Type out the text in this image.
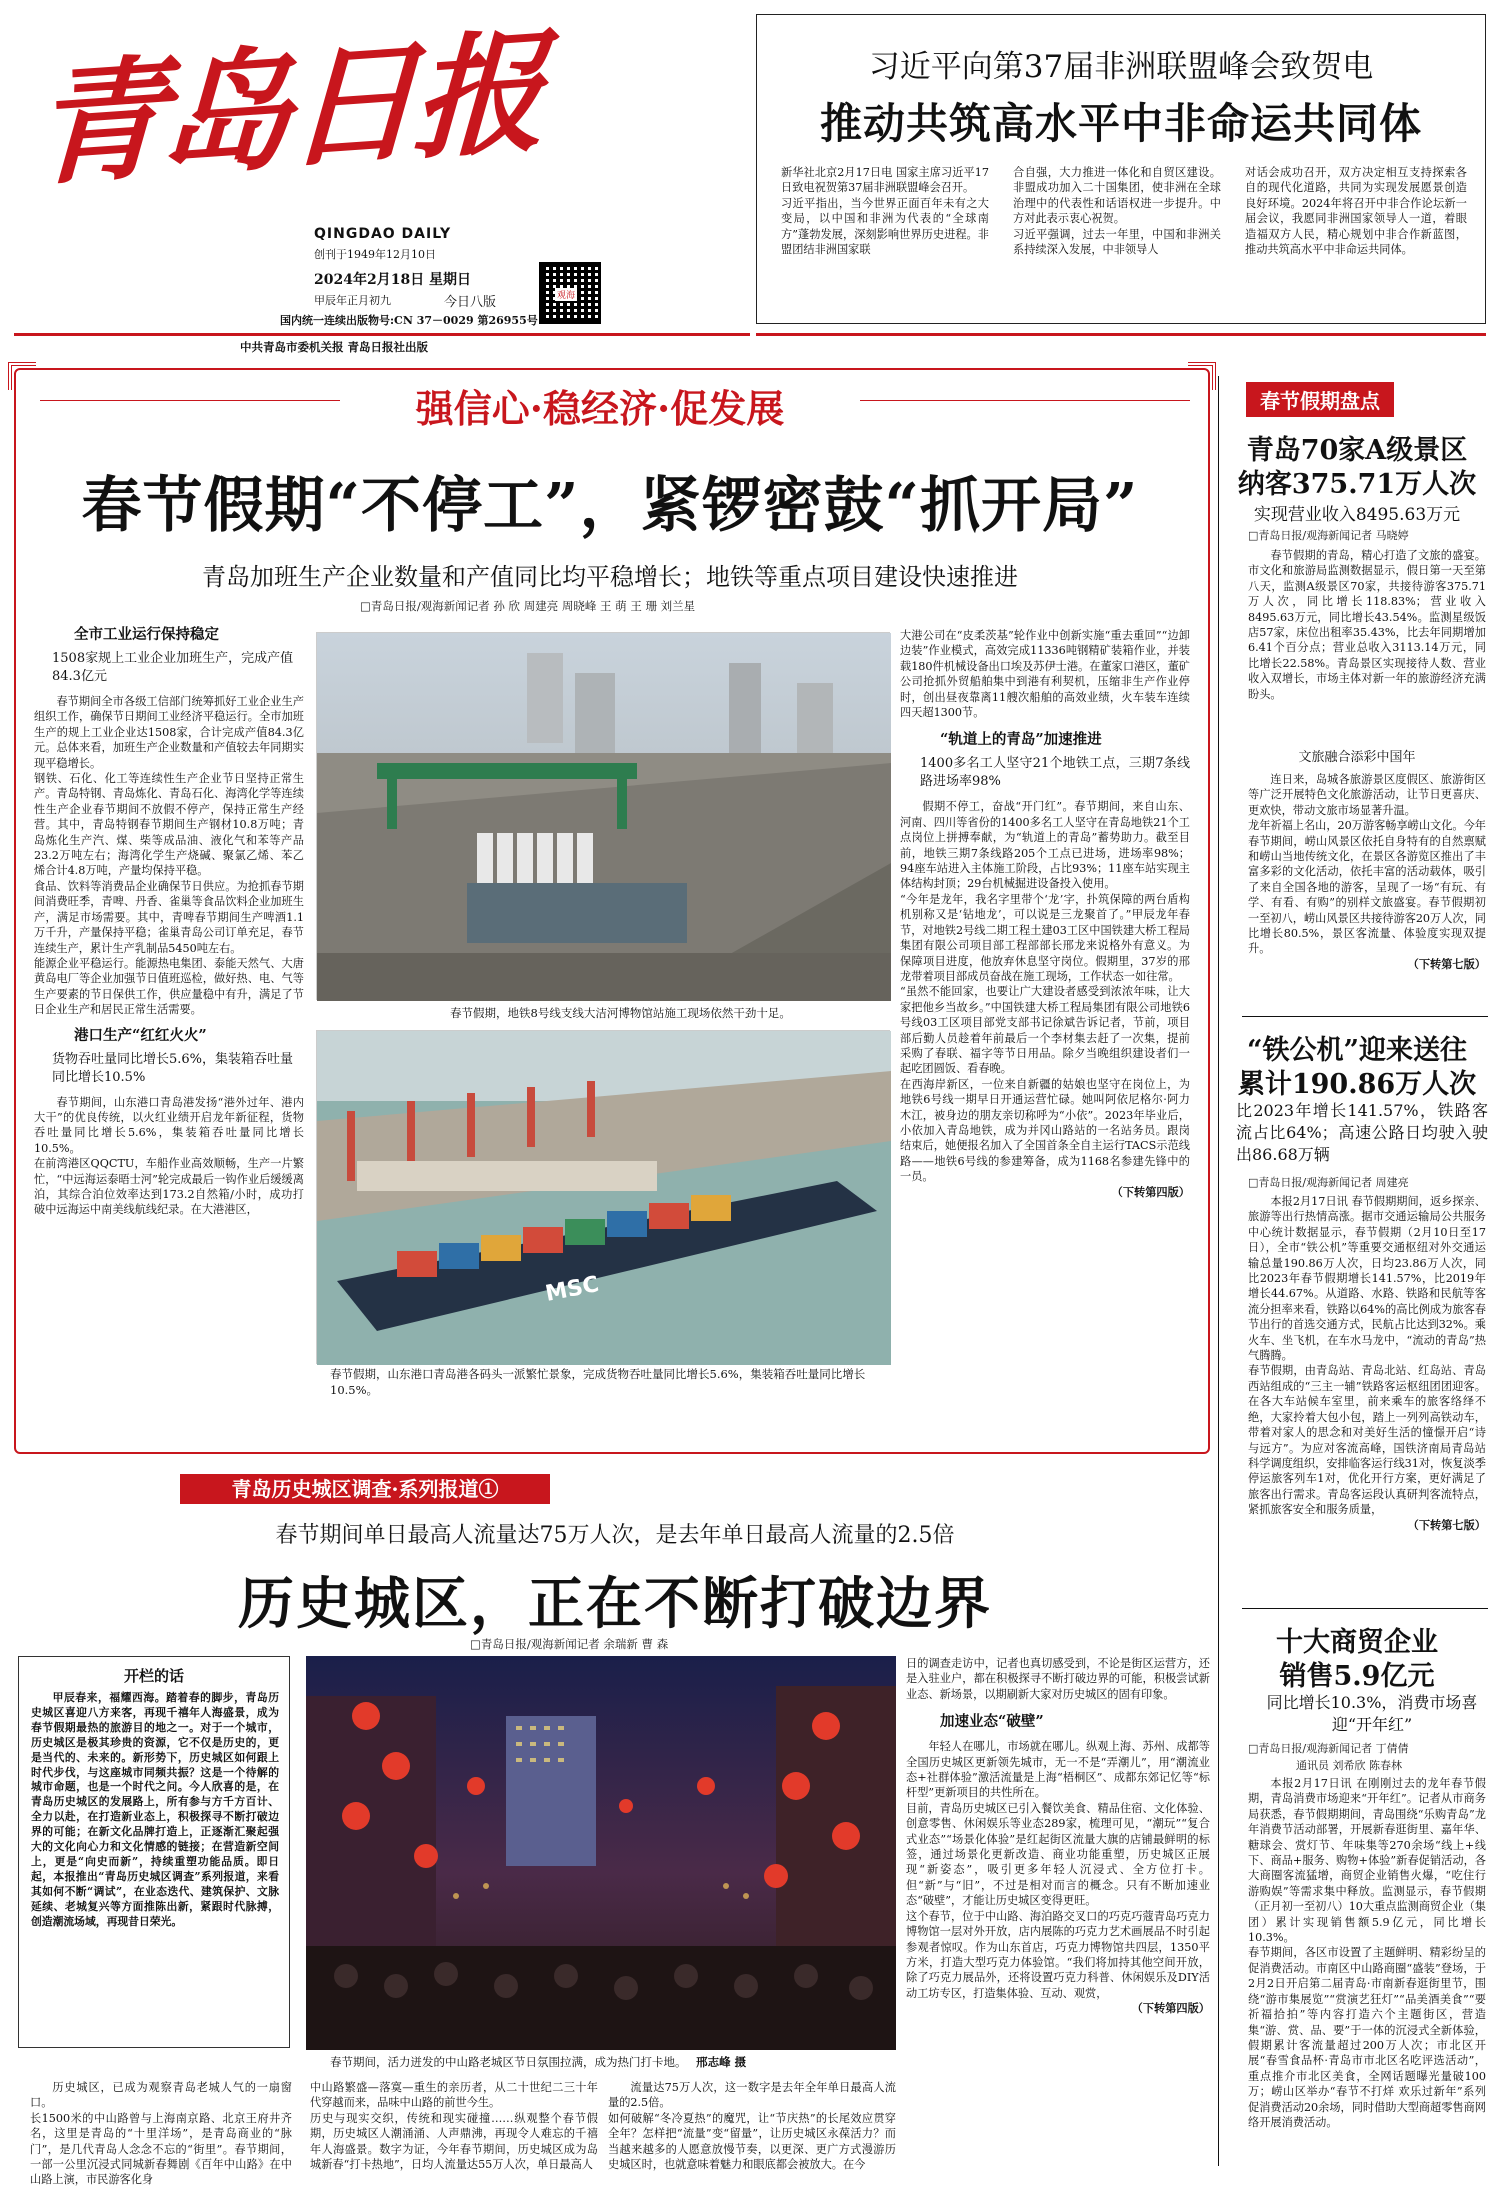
青岛日报
QINGDAO DAILY
创刊于1949年12月10日
2024年2月18日 星期日
甲辰年正月初九	今日八版
国内统一连续出版物号:CN 37－0029 第26955号
观海
中共青岛市委机关报 青岛日报社出版
习近平向第37届非洲联盟峰会致贺电
推动共筑高水平中非命运共同体

新华社北京2月17日电 国家主席习近平17日致电祝贺第37届非洲联盟峰会召开。
习近平指出，当今世界正面百年未有之大变局，以中国和非洲为代表的“全球南方”蓬勃发展，深刻影响世界历史进程。非盟团结非洲国家联

合自强，大力推进一体化和自贸区建设。非盟成功加入二十国集团，使非洲在全球治理中的代表性和话语权进一步提升。中方对此表示衷心祝贺。
习近平强调，过去一年里，中国和非洲关系持续深入发展，中非领导人

对话会成功召开，双方决定相互支持探索各自的现代化道路，共同为实现发展愿景创造良好环境。2024年将召开中非合作论坛新一届会议，我愿同非洲国家领导人一道，着眼造福双方人民，精心规划中非合作新蓝图，推动共筑高水平中非命运共同体。

强信心·稳经济·促发展
春节假期“不停工”，紧锣密鼓“抓开局”
青岛加班生产企业数量和产值同比均平稳增长；地铁等重点项目建设快速推进
□青岛日报/观海新闻记者 孙 欣 周建亮 周晓峰 王 萌 王 珊 刘兰星
全市工业运行保持稳定
1508家规上工业企业加班生产，完成产值84.3亿元

春节期间全市各级工信部门统筹抓好工业企业生产组织工作，确保节日期间工业经济平稳运行。全市加班生产的规上工业企业达1508家，合计完成产值84.3亿元。总体来看，加班生产企业数量和产值较去年同期实现平稳增长。
钢铁、石化、化工等连续性生产企业节日坚持正常生产。青岛特钢、青岛炼化、青岛石化、海湾化学等连续性生产企业春节期间不放假不停产，保持正常生产经营。其中，青岛特钢春节期间生产钢材10.8万吨；青岛炼化生产汽、煤、柴等成品油、液化气和苯等产品23.2万吨左右；海湾化学生产烧碱、聚氯乙烯、苯乙烯合计4.8万吨，产量均保持平稳。
食品、饮料等消费品企业确保节日供应。为抢抓春节期间消费旺季，青啤、丹香、雀巢等食品饮料企业加班生产，满足市场需要。其中，青啤春节期间生产啤酒1.1万千升，产量保持平稳；雀巢青岛公司订单充足，春节连续生产，累计生产乳制品5450吨左右。
能源企业平稳运行。能源热电集团、泰能天然气、大唐黄岛电厂等企业加强节日值班巡检，做好热、电、气等生产要素的节日保供工作，供应量稳中有升，满足了节日企业生产和居民正常生活需要。

港口生产“红红火火”
货物吞吐量同比增长5.6%，集装箱吞吐量同比增长10.5%

春节期间，山东港口青岛港发扬“港外过年、港内大干”的优良传统，以火红业绩开启龙年新征程，货物吞吐量同比增长5.6%，集装箱吞吐量同比增长10.5%。
在前湾港区QQCTU，车船作业高效顺畅，生产一片繁忙，“中远海运泰晤士河”轮完成最后一钩作业后缓缓离泊，其综合泊位效率达到173.2自然箱/小时，成功打破中远海运中南美线航线纪录。在大港港区，

春节假期，地铁8号线支线大洁河博物馆站施工现场依然干劲十足。
MSC
春节假期，山东港口青岛港各码头一派繁忙景象，完成货物吞吐量同比增长5.6%，集装箱吞吐量同比增长10.5%。

大港公司在“皮柔茨基”轮作业中创新实施“重去重回”“边卸边装”作业模式，高效完成11336吨钢精矿装箱作业，并装载180件机械设备出口埃及苏伊士港。在董家口港区，董矿公司抢抓外贸船舶集中到港有利契机，压缩非生产作业停时，创出昼夜靠离11艘次船舶的高效业绩，火车装车连续四天超1300节。

“轨道上的青岛”加速推进
1400多名工人坚守21个地铁工点，三期7条线路进场率98%

假期不停工，奋战“开门红”。春节期间，来自山东、河南、四川等省份的1400多名工人坚守在青岛地铁21个工点岗位上拼搏奉献，为“轨道上的青岛”蓄势助力。截至目前，地铁三期7条线路205个工点已进场，进场率98%；94座车站进入主体施工阶段，占比93%；11座车站实现主体结构封顶；29台机械掘进设备投入使用。
“今年是龙年，我名字里带个‘龙’字，扑筑保障的两台盾构机别称又是‘钻地龙’，可以说是三龙聚首了。”甲辰龙年春节，对地铁2号线二期工程土建03工区中国铁建大桥工程局集团有限公司项目部工程部部长邢龙来说格外有意义。为保障项目进度，他放弃休息坚守岗位。假期里，37岁的邢龙带着项目部成员奋战在施工现场，工作状态一如往常。
“虽然不能回家，也要让广大建设者感受到浓浓年味，让大家把他乡当故乡。”中国铁建大桥工程局集团有限公司地铁6号线03工区项目部党支部书记徐斌告诉记者，节前，项目部后勤人员趁着年前最后一个李材集去赶了一次集，提前采购了春联、福字等节日用品。除夕当晚组织建设者们一起吃团圆饭、看春晚。
在西海岸新区，一位来自新疆的姑娘也坚守在岗位上，为地铁6号线一期早日开通运营忙碌。她叫阿依尼格尔·阿力木江，被身边的朋友亲切称呼为“小依”。2023年毕业后，小依加入青岛地铁，成为并冈山路站的一名站务员。跟岗结束后，她便报名加入了全国首条全自主运行TACS示范线路——地铁6号线的参建筹备，成为1168名参建先锋中的一员。

（下转第四版）
春节假期盘点
青岛70家A级景区
纳客375.71万人次
实现营业收入8495.63万元
□青岛日报/观海新闻记者 马晓婷

春节假期的青岛，精心打造了文旅的盛宴。市文化和旅游局监测数据显示，假日第一天至第八天，监测A级景区70家，共接待游客375.71万人次，同比增长118.83%；营业收入8495.63万元，同比增长43.54%。监测星级饭店57家，床位出租率35.43%，比去年同期增加6.41个百分点；营业总收入3113.14万元，同比增长22.58%。青岛景区实现接待人数、营业收入双增长，市场主体对新一年的旅游经济充满盼头。

文旅融合添彩中国年

连日来，岛城各旅游景区度假区、旅游街区等广泛开展特色文化旅游活动，让节日更喜庆、更欢快，带动文旅市场显著升温。
龙年祈福上名山，20万游客畅享崂山文化。今年春节期间，崂山风景区依托自身特有的自然禀赋和崂山当地传统文化，在景区各游览区推出了丰富多彩的文化活动，依托丰富的活动载体，吸引了来自全国各地的游客，呈现了一场“有玩、有学、有看、有购”的别样文旅盛宴。春节假期初一至初八，崂山风景区共接待游客20万人次，同比增长80.5%，景区客流量、体验度实现双提升。

（下转第七版）
“铁公机”迎来送往
累计190.86万人次
比2023年增长141.57%，铁路客流占比64%；高速公路日均驶入驶出86.68万辆
□青岛日报/观海新闻记者 周建亮

本报2月17日讯 春节假期期间，返乡探亲、旅游等出行热情高涨。据市交通运输局公共服务中心统计数据显示，春节假期（2月10日至17日），全市“铁公机”等重要交通枢纽对外交通运输总量190.86万人次，日均23.86万人次，同比2023年春节假期增长141.57%，比2019年增长44.67%。从道路、水路、铁路和民航等客流分担率来看，铁路以64%的高比例成为旅客春节出行的首选交通方式，民航占比达到32%。乘火车、坐飞机，在车水马龙中，“流动的青岛”热气腾腾。
春节假期，由青岛站、青岛北站、红岛站、青岛西站组成的“三主一辅”铁路客运枢纽团团迎客。在各大车站候车室里，前来乘车的旅客络绎不绝，大家拎着大包小包，踏上一列列高铁动车，带着对家人的思念和对美好生活的憧憬开启“诗与远方”。为应对客流高峰，国铁济南局青岛站科学调度组织，安排临客运行线31对，恢复淡季停运旅客列车1对，优化开行方案，更好满足了旅客出行需求。青岛客运段认真研判客流特点，紧抓旅客安全和服务质量，

（下转第七版）
十大商贸企业
销售5.9亿元
同比增长10.3%，消费市场喜迎“开年红”
□青岛日报/观海新闻记者 丁倩倩
通讯员 刘希欣 陈春林

本报2月17日讯 在刚刚过去的龙年春节假期，青岛消费市场迎来“开年红”。记者从市商务局获悉，春节假期期间，青岛围绕“乐购青岛”龙年消费节活动部署，开展新春逛街里、嘉年华、糖球会、赏灯节、年味集等270余场“线上+线下、商品+服务、购物+体验”新春促销活动，各大商圈客流猛增，商贸企业销售火爆，“吃住行游购娱”等需求集中释放。监测显示，春节假期（正月初一至初八）10大重点监测商贸企业（集团）累计实现销售额5.9亿元，同比增长10.3%。
春节期间，各区市设置了主题鲜明、精彩纷呈的促消费活动。市南区中山路商圈“盛装”登场，于2月2日开启第二届青岛·市南新春逛街里节，围绕“游市集展览”“赏演艺狂灯”“品美酒美食”“要祈福拾拍”等内容打造六个主题街区，营造集“游、赏、品、要”于一体的沉浸式全新体验，假期累计客流量超过200万人次；市北区开展“春雪食品杯·青岛市市北区名吃评选活动”，重点推介市北区美食，全网话题曝光量破100万；崂山区举办“春节不打烊 欢乐过新年”系列促消费活动20余场，同时借助大型商超零售商网络开展消费活动。

青岛历史城区调查·系列报道①
春节期间单日最高人流量达75万人次，是去年单日最高人流量的2.5倍
历史城区，正在不断打破边界
□青岛日报/观海新闻记者 余瑞新 曹 森
开栏的话

甲辰春来，福耀西海。踏着春的脚步，青岛历史城区喜迎八方来客，再现千禧年人海盛景，成为春节假期最热的旅游目的地之一。对于一个城市，历史城区是极其珍贵的资源，它不仅是历史的，更是当代的、未来的。新形势下，历史城区如何跟上时代步伐，与这座城市同频共振？这是一个待解的城市命题，也是一个时代之问。今人欣喜的是，在青岛历史城区的发展路上，所有参与方千方百计、全力以赴，在打造新业态上，积极探寻不断打破边界的可能；在新文化品牌打造上，正逐渐汇聚起强大的文化向心力和文化情感的链接；在营造新空间上，更是“向史而新”，持续重塑功能品质。即日起，本报推出“青岛历史城区调查”系列报道，来看其如何不断“调试”，在业态迭代、建筑保护、文脉延续、老城复兴等方面推陈出新，紧跟时代脉搏，创造潮流场域，再现昔日荣光。

春节期间，活力迸发的中山路老城区节日氛围拉满，成为热门打卡地。 邢志峰 摄

日的调查走访中，记者也真切感受到，不论是街区运营方，还是入驻业户，都在积极探寻不断打破边界的可能，积极尝试新业态、新场景，以期刷新大家对历史城区的固有印象。

加速业态“破壁”

年轻人在哪儿，市场就在哪儿。纵观上海、苏州、成都等全国历史城区更新领先城市，无一不是“弄潮儿”，用“潮流业态+社群体验”激活流量是上海“梧桐区”、成都东郊记忆等“标杆型”更新项目的共性所在。
目前，青岛历史城区已引入餐饮美食、精品住宿、文化体验、创意零售、休闲娱乐等业态289家，梳理可见，“潮玩”“复合式业态”“场景化体验”是红起街区流量大旗的店铺最鲜明的标签，通过场景化更新改造、商业功能重塑，历史城区正展现“新姿态”，吸引更多年轻人沉浸式、全方位打卡。但“新”与“旧”，不过是相对而言的概念。只有不断加速业态“破壁”，才能让历史城区变得更旺。
这个春节，位于中山路、海泊路交叉口的巧克巧蔻青岛巧克力博物馆一层对外开放，店内展陈的巧克力艺术画展品不时引起参观者惊叹。作为山东首店，巧克力博物馆共四层，1350平方米，打造大型巧克力体验馆。“我们将加持其他空间开放，除了巧克力展品外，还将设置巧克力科普、休闲娱乐及DIY活动工坊专区，打造集体验、互动、观赏，

（下转第四版）

历史城区，已成为观察青岛老城人气的一扇窗口。
长1500米的中山路曾与上海南京路、北京王府井齐名，这里是青岛的“十里洋场”，是青岛商业的“脉门”，是几代青岛人念念不忘的“街里”。春节期间，一部一公里沉浸式同城新春舞剧《百年中山路》在中山路上演，市民游客化身

中山路繁盛—落寞—重生的亲历者，从二十世纪二三十年代穿越而来，品味中山路的前世今生。
历史与现实交织，传统和现实碰撞……纵观整个春节假期，历史城区人潮涌涌、人声鼎沸，再现令人难忘的千禧年人海盛景。数字为证，今年春节期间，历史城区成为岛城新春“打卡热地”，日均人流量达55万人次，单日最高人

流量达75万人次，这一数字是去年全年单日最高人流量的2.5倍。
如何破解“冬冷夏热”的魔咒，让“节庆热”的长尾效应贯穿全年？怎样把“流量”变“留量”，让历史城区永葆活力？而当越来越多的人愿意放慢节奏，以更深、更广方式漫游历史城区时，也就意味着魅力和眼底都会被放大。在今
